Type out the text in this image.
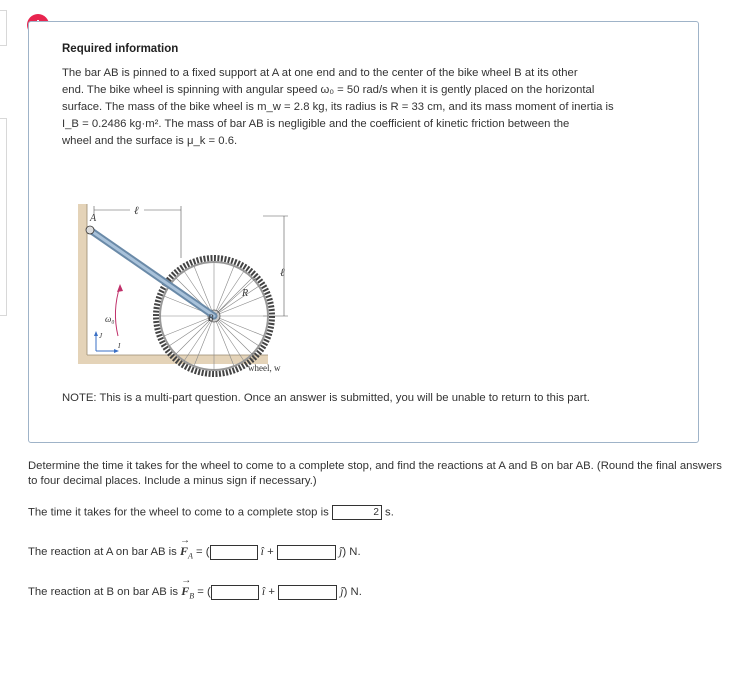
Required information
The bar AB is pinned to a fixed support at A at one end and to the center of the bike wheel B at its other
end. The bike wheel is spinning with angular speed ω₀ = 50 rad/s when it is gently placed on the horizontal
surface. The mass of the bike wheel is m_w = 2.8 kg, its radius is R = 33 cm, and its mass moment of inertia is
I_B = 0.2486 kg·m². The mass of bar AB is negligible and the coefficient of kinetic friction between the
wheel and the surface is μ_k = 0.6.
ℓ
ℓ
R
A
B
ω₀
J
I
wheel, w
NOTE: This is a multi-part question. Once an answer is submitted, you will be unable to return to this part.
Determine the time it takes for the wheel to come to a complete stop, and find the reactions at A and B on bar AB. (Round the final answers to four decimal places. Include a minus sign if necessary.)
The time it takes for the wheel to come to a complete stop is	2 s.
The reaction at A on bar AB is
→
$F_A$ = (	î +	ĵ) N.
The reaction at B on bar AB is
→
$F_B$ = (	î +	ĵ) N.
